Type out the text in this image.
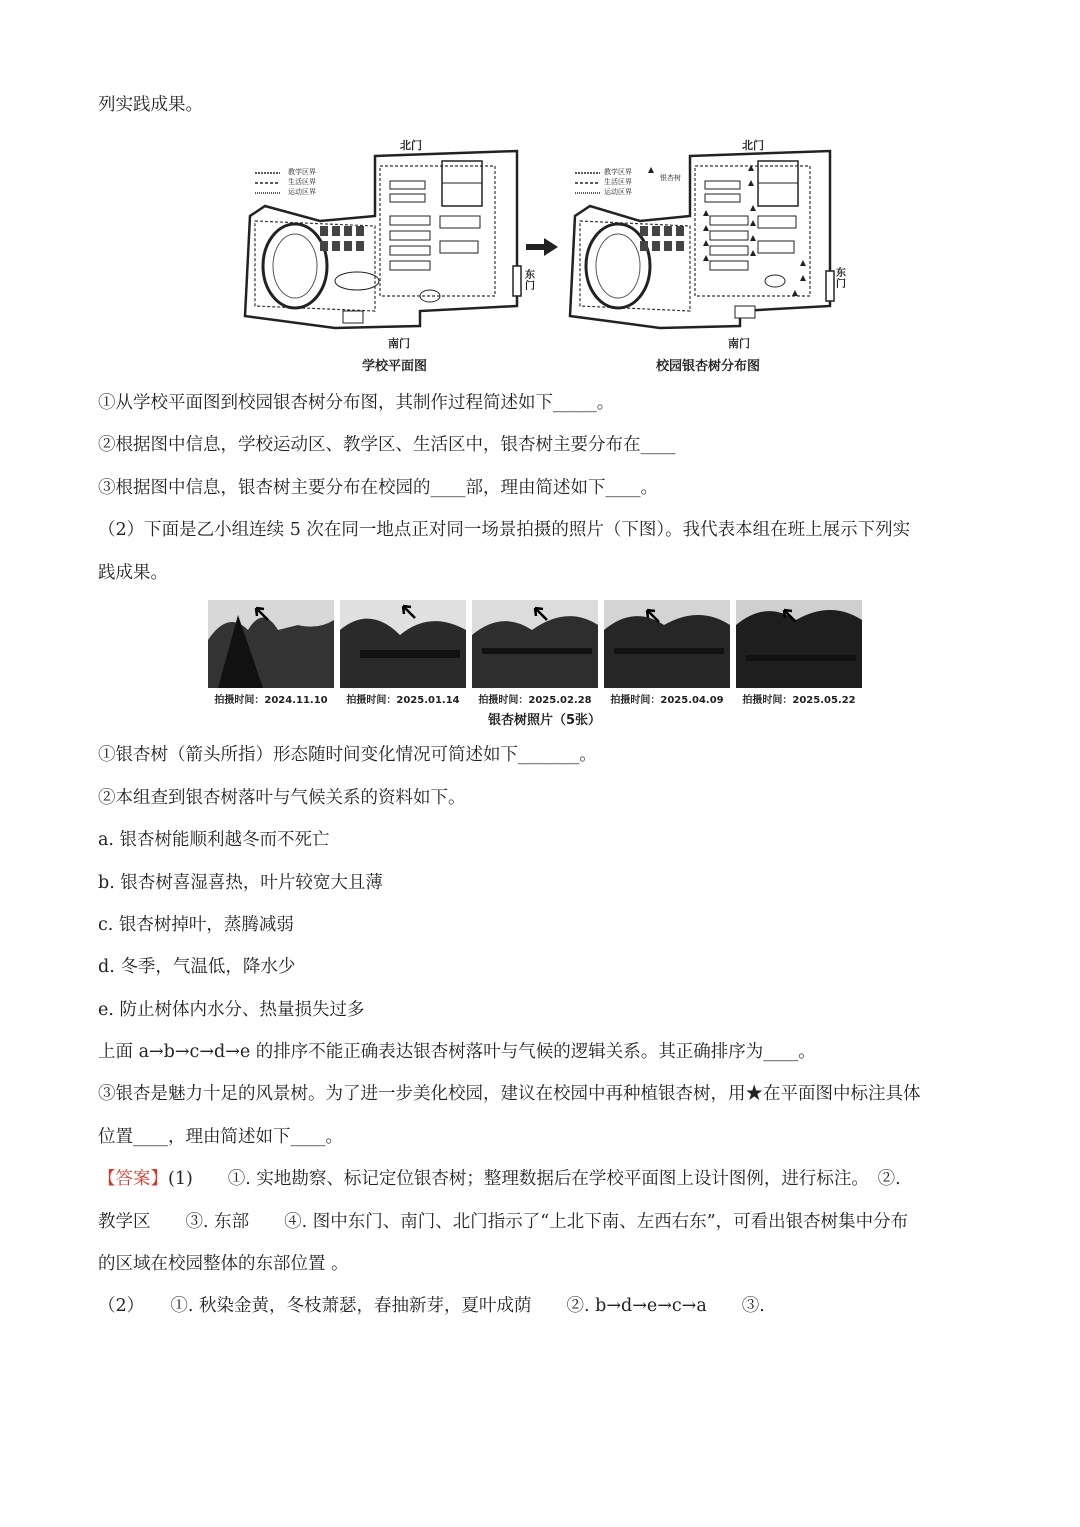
列实践成果。
教学区界
生活区界
运动区界
北门
南门
东门
学校平面图
教学区界
生活区界
运动区界
银杏树
北门
南门
东门
校园银杏树分布图
①从学校平面图到校园银杏树分布图，其制作过程简述如下_____。
②根据图中信息，学校运动区、教学区、生活区中，银杏树主要分布在____
③根据图中信息，银杏树主要分布在校园的____部，理由简述如下____。
（2）下面是乙小组连续 5 次在同一地点正对同一场景拍摄的照片（下图）。我代表本组在班上展示下列实
践成果。
拍摄时间：2024.11.10	拍摄时间：2025.01.14	拍摄时间：2025.02.28	拍摄时间：2025.04.09	拍摄时间：2025.05.22
银杏树照片（5张）
①银杏树（箭头所指）形态随时间变化情况可简述如下_______。
②本组查到银杏树落叶与气候关系的资料如下。
a. 银杏树能顺利越冬而不死亡
b. 银杏树喜湿喜热，叶片较宽大且薄
c. 银杏树掉叶，蒸腾减弱
d. 冬季，气温低，降水少
e. 防止树体内水分、热量损失过多
上面 a→b→c→d→e 的排序不能正确表达银杏树落叶与气候的逻辑关系。其正确排序为____。
③银杏是魅力十足的风景树。为了进一步美化校园，建议在校园中再种植银杏树，用★在平面图中标注具体
位置____，理由简述如下____。
【答案】(1)　　①. 实地勘察、标记定位银杏树；整理数据后在学校平面图上设计图例，进行标注。　②.
教学区　　③. 东部　　④. 图中东门、南门、北门指示了“上北下南、左西右东”，可看出银杏树集中分布
的区域在校园整体的东部位置 。
（2）　　①. 秋染金黄，冬枝萧瑟，春抽新芽，夏叶成荫　　②. b→d→e→c→a　　③.
